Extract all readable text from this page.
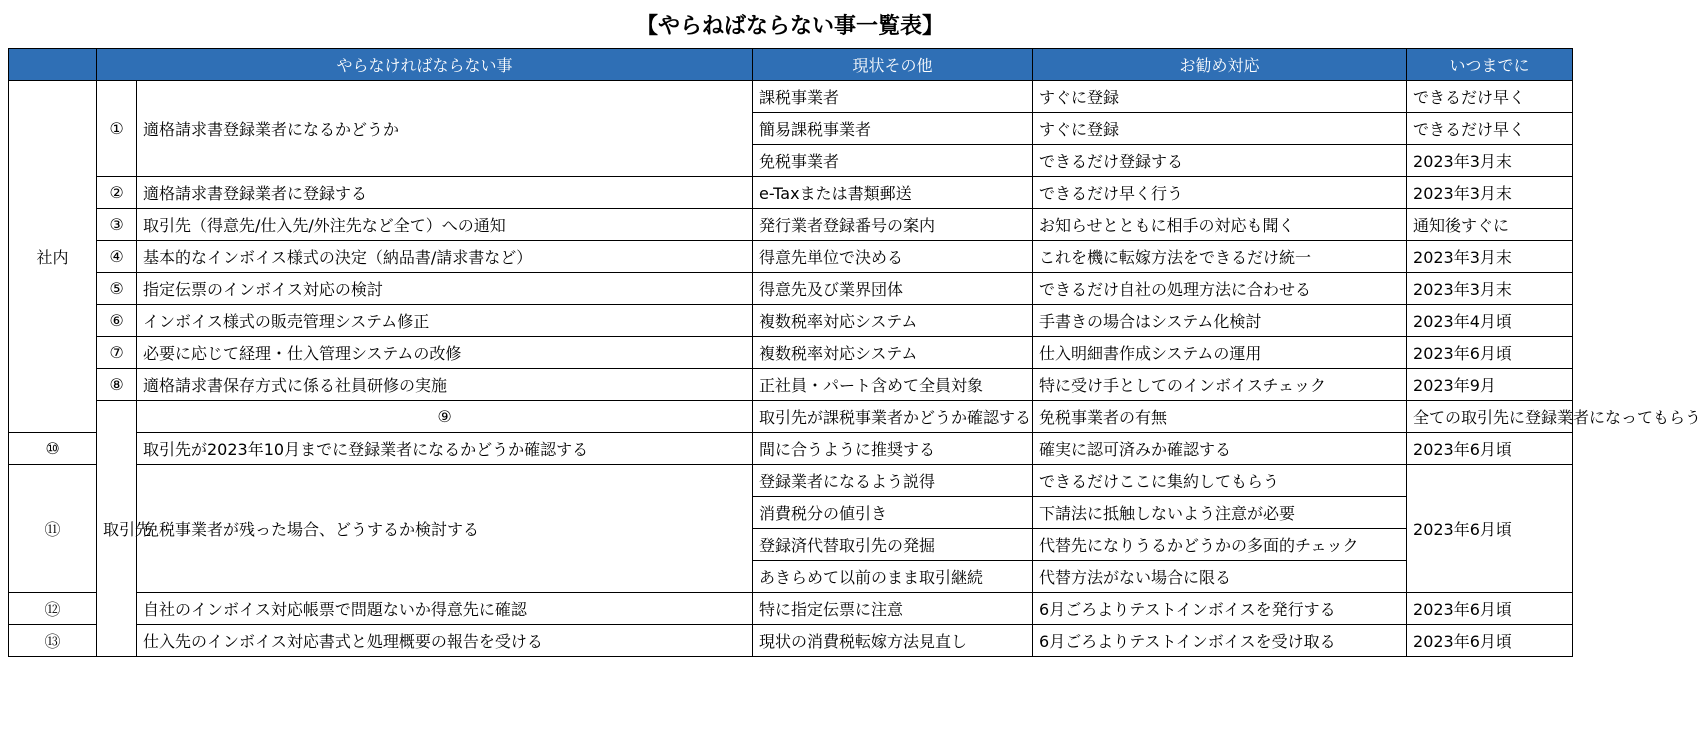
【やらねばならない事一覧表】
	やらなければならない事		現状その他	お勧め対応	いつまでに	
社内	①	適格請求書登録業者になるかどうか	課税事業者	すぐに登録	できるだけ早く	
			簡易課税事業者	すぐに登録	できるだけ早く	
			免税事業者	できるだけ登録する	2023年3月末	
	②	適格請求書登録業者に登録する	e-Taxまたは書類郵送	できるだけ早く行う	2023年3月末	
	③	取引先（得意先/仕入先/外注先など全て）への通知	発行業者登録番号の案内	お知らせとともに相手の対応も聞く	通知後すぐに	
	④	基本的なインボイス様式の決定（納品書/請求書など）	得意先単位で決める	これを機に転嫁方法をできるだけ統一	2023年3月末	
	⑤	指定伝票のインボイス対応の検討	得意先及び業界団体	できるだけ自社の処理方法に合わせる	2023年3月末	
	⑥	インボイス様式の販売管理システム修正	複数税率対応システム	手書きの場合はシステム化検討	2023年4月頃	
	⑦	必要に応じて経理・仕入管理システムの改修	複数税率対応システム	仕入明細書作成システムの運用	2023年6月頃	
	⑧	適格請求書保存方式に係る社員研修の実施	正社員・パート含めて全員対象	特に受け手としてのインボイスチェック	2023年9月	
	取引先	⑨	取引先が課税事業者かどうか確認する	免税事業者の有無	全ての取引先に登録業者になってもらう	
⑩		取引先が2023年10月までに登録業者になるかどうか確認する	間に合うように推奨する	確実に認可済みか確認する	2023年6月頃	
⑪		免税事業者が残った場合、どうするか検討する	登録業者になるよう説得	できるだけここに集約してもらう	2023年6月頃	
			消費税分の値引き	下請法に抵触しないよう注意が必要		
			登録済代替取引先の発掘	代替先になりうるかどうかの多面的チェック		
			あきらめて以前のまま取引継続	代替方法がない場合に限る		
⑫		自社のインボイス対応帳票で問題ないか得意先に確認	特に指定伝票に注意	6月ごろよりテストインボイスを発行する	2023年6月頃	
⑬		仕入先のインボイス対応書式と処理概要の報告を受ける	現状の消費税転嫁方法見直し	6月ごろよりテストインボイスを受け取る	2023年6月頃	
